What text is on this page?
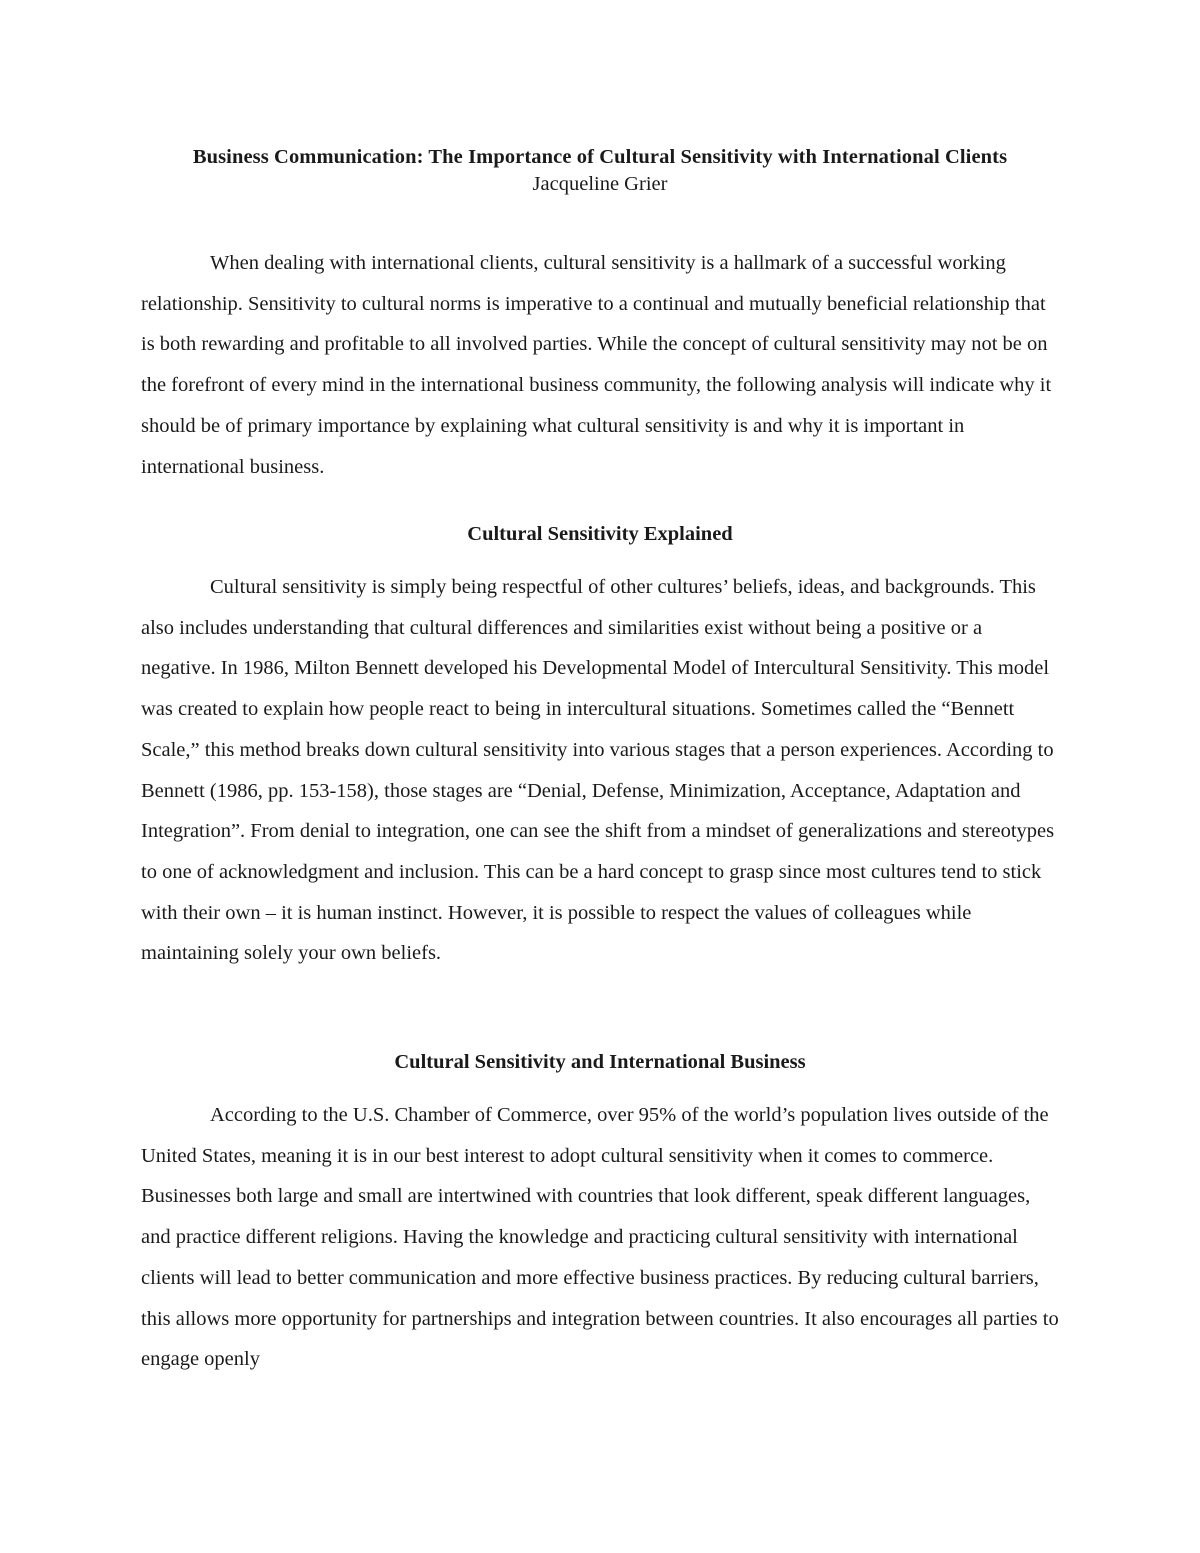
Business Communication: The Importance of Cultural Sensitivity with International Clients

Jacqueline Grier

When dealing with international clients, cultural sensitivity is a hallmark of a successful working relationship. Sensitivity to cultural norms is imperative to a continual and mutually beneficial relationship that is both rewarding and profitable to all involved parties. While the concept of cultural sensitivity may not be on the forefront of every mind in the international business community, the following analysis will indicate why it should be of primary importance by explaining what cultural sensitivity is and why it is important in international business.

Cultural Sensitivity Explained

Cultural sensitivity is simply being respectful of other cultures’ beliefs, ideas, and backgrounds. This also includes understanding that cultural differences and similarities exist without being a positive or a negative. In 1986, Milton Bennett developed his Developmental Model of Intercultural Sensitivity. This model was created to explain how people react to being in intercultural situations. Sometimes called the “Bennett Scale,” this method breaks down cultural sensitivity into various stages that a person experiences. According to Bennett (1986, pp. 153-158), those stages are “Denial, Defense, Minimization, Acceptance, Adaptation and Integration”. From denial to integration, one can see the shift from a mindset of generalizations and stereotypes to one of acknowledgment and inclusion. This can be a hard concept to grasp since most cultures tend to stick with their own – it is human instinct. However, it is possible to respect the values of colleagues while maintaining solely your own beliefs.

Cultural Sensitivity and International Business

According to the U.S. Chamber of Commerce, over 95% of the world’s population lives outside of the United States, meaning it is in our best interest to adopt cultural sensitivity when it comes to commerce. Businesses both large and small are intertwined with countries that look different, speak different languages, and practice different religions. Having the knowledge and practicing cultural sensitivity with international clients will lead to better communication and more effective business practices. By reducing cultural barriers, this allows more opportunity for partnerships and integration between countries. It also encourages all parties to engage openly
